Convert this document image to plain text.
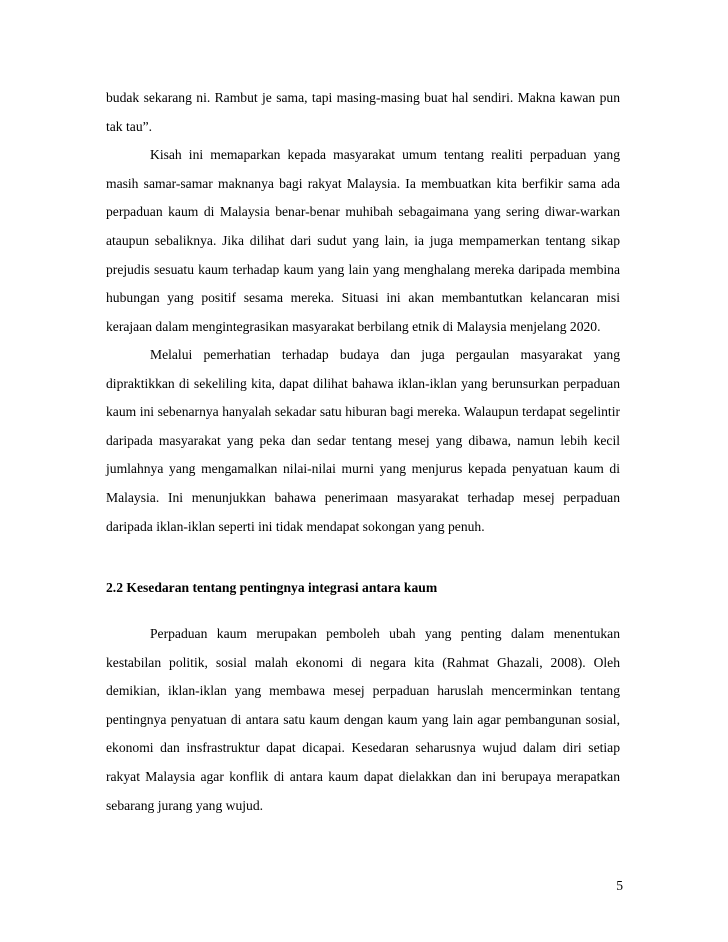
budak sekarang ni. Rambut je sama, tapi masing-masing buat hal sendiri. Makna kawan pun tak tau”.

Kisah ini memaparkan kepada masyarakat umum tentang realiti perpaduan yang masih samar-samar maknanya bagi rakyat Malaysia. Ia membuatkan kita berfikir sama ada perpaduan kaum di Malaysia benar-benar muhibah sebagaimana yang sering diwar-warkan ataupun sebaliknya. Jika dilihat dari sudut yang lain, ia juga mempamerkan tentang sikap prejudis sesuatu kaum terhadap kaum yang lain yang menghalang mereka daripada membina hubungan yang positif sesama mereka. Situasi ini akan membantutkan kelancaran misi kerajaan dalam mengintegrasikan masyarakat berbilang etnik di Malaysia menjelang 2020.

Melalui pemerhatian terhadap budaya dan juga pergaulan masyarakat yang dipraktikkan di sekeliling kita, dapat dilihat bahawa iklan-iklan yang berunsurkan perpaduan kaum ini sebenarnya hanyalah sekadar satu hiburan bagi mereka. Walaupun terdapat segelintir daripada masyarakat yang peka dan sedar tentang mesej yang dibawa, namun lebih kecil jumlahnya yang mengamalkan nilai-nilai murni yang menjurus kepada penyatuan kaum di Malaysia. Ini menunjukkan bahawa penerimaan masyarakat terhadap mesej perpaduan daripada iklan-iklan seperti ini tidak mendapat sokongan yang penuh.

2.2 Kesedaran tentang pentingnya integrasi antara kaum

Perpaduan kaum merupakan pemboleh ubah yang penting dalam menentukan kestabilan politik, sosial malah ekonomi di negara kita (Rahmat Ghazali, 2008). Oleh demikian, iklan-iklan yang membawa mesej perpaduan haruslah mencerminkan tentang pentingnya penyatuan di antara satu kaum dengan kaum yang lain agar pembangunan sosial, ekonomi dan insfrastruktur dapat dicapai. Kesedaran seharusnya wujud dalam diri setiap rakyat Malaysia agar konflik di antara kaum dapat dielakkan dan ini berupaya merapatkan sebarang jurang yang wujud.

5
